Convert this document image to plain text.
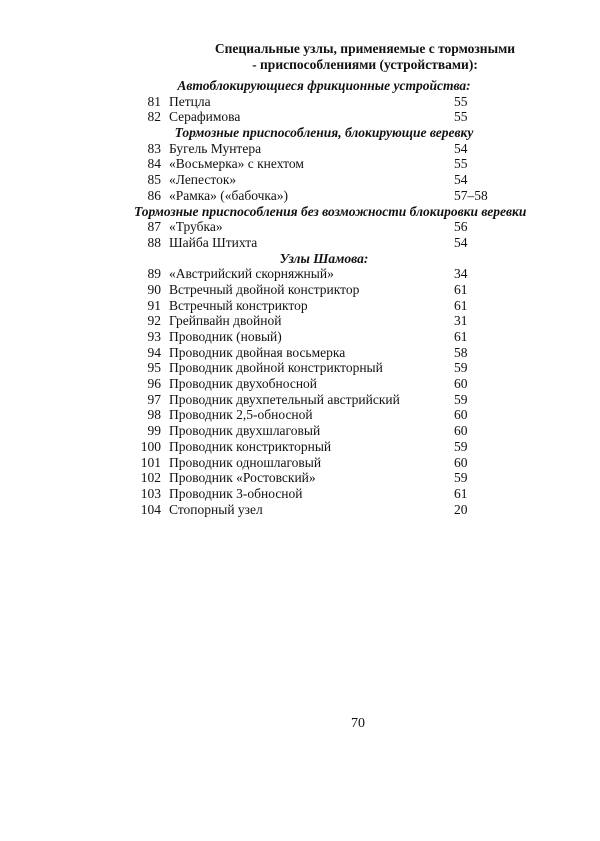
Специальные узлы, применяемые с тормозными
- приспособлениями (устройствами):
Автоблокирующиеся фрикционные устройства:
81 Петцла	55
82 Серафимова	55
Тормозные приспособления, блокирующие веревку
83 Бугель Мунтера	54
84 «Восьмерка» с кнехтом	55
85 «Лепесток»	54
86 «Рамка» («бабочка»)	57–58
Тормозные приспособления без возможности блокировки веревки
87 «Трубка»	56
88 Шайба Штихта	54
Узлы Шамова:
89 «Австрийский скорняжный»	34
90 Встречный двойной констриктор	61
91 Встречный констриктор	61
92 Грейпвайн двойной	31
93 Проводник (новый)	61
94 Проводник двойная восьмерка	58
95 Проводник двойной констрикторный	59
96 Проводник двухобносной	60
97 Проводник двухпетельный австрийский	59
98 Проводник 2,5-обносной	60
99 Проводник двухшлаговый	60
100 Проводник констрикторный	59
101 Проводник одношлаговый	60
102 Проводник «Ростовский»	59
103 Проводник 3-обносной	61
104 Стопорный узел	20
70
